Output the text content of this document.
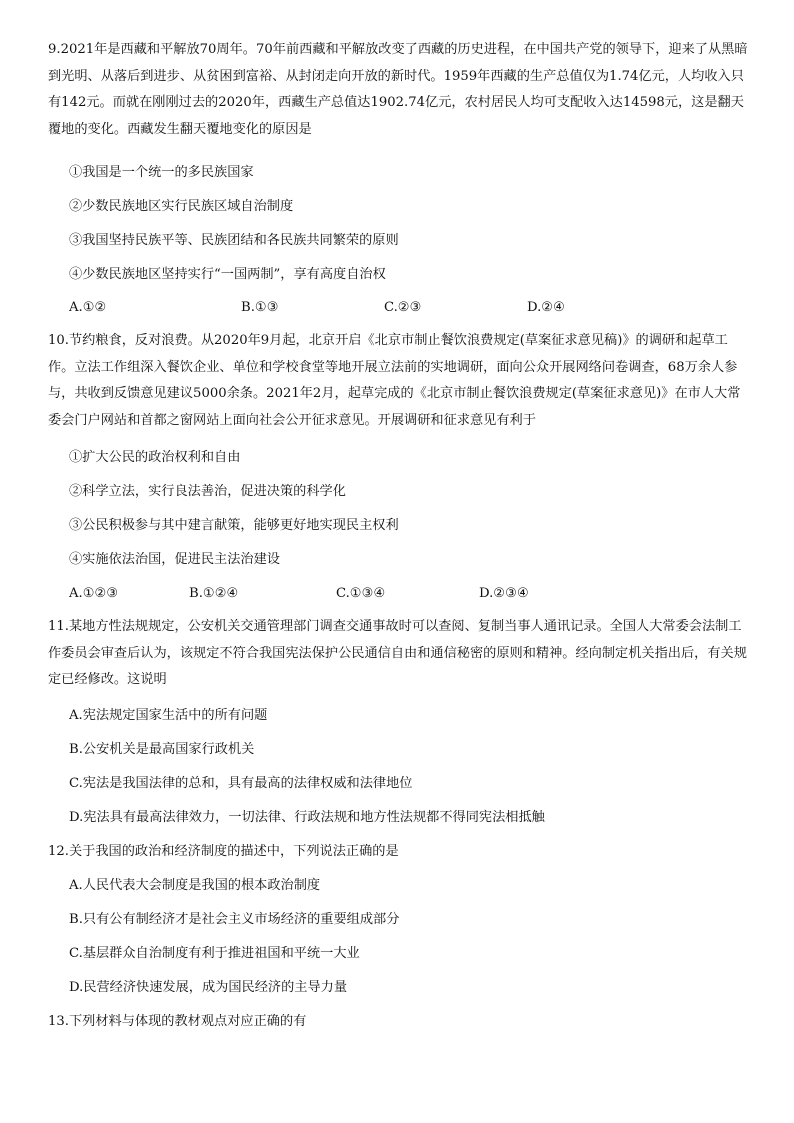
9.2021年是西藏和平解放70周年。70年前西藏和平解放改变了西藏的历史进程，在中国共产党的领导下，迎来了从黑暗到光明、从落后到进步、从贫困到富裕、从封闭走向开放的新时代。1959年西藏的生产总值仅为1.74亿元，人均收入只有142元。而就在刚刚过去的2020年，西藏生产总值达1902.74亿元，农村居民人均可支配收入达14598元，这是翻天覆地的变化。西藏发生翻天覆地变化的原因是

①我国是一个统一的多民族国家

②少数民族地区实行民族区域自治制度

③我国坚持民族平等、民族团结和各民族共同繁荣的原则

④少数民族地区坚持实行“一国两制”，享有高度自治权

A.①②	B.①③	C.②③	D.②④

10.节约粮食，反对浪费。从2020年9月起，北京开启《北京市制止餐饮浪费规定(草案征求意见稿)》的调研和起草工作。立法工作组深入餐饮企业、单位和学校食堂等地开展立法前的实地调研，面向公众开展网络问卷调查，68万余人参与，共收到反馈意见建议5000余条。2021年2月，起草完成的《北京市制止餐饮浪费规定(草案征求意见)》在市人大常委会门户网站和首都之窗网站上面向社会公开征求意见。开展调研和征求意见有利于

①扩大公民的政治权利和自由

②科学立法，实行良法善治，促进决策的科学化

③公民积极参与其中建言献策，能够更好地实现民主权利

④实施依法治国，促进民主法治建设

A.①②③	B.①②④	C.①③④	D.②③④

11.某地方性法规规定，公安机关交通管理部门调查交通事故时可以查阅、复制当事人通讯记录。全国人大常委会法制工作委员会审查后认为，该规定不符合我国宪法保护公民通信自由和通信秘密的原则和精神。经向制定机关指出后，有关规定已经修改。这说明

A.宪法规定国家生活中的所有问题

B.公安机关是最高国家行政机关

C.宪法是我国法律的总和，具有最高的法律权威和法律地位

D.宪法具有最高法律效力，一切法律、行政法规和地方性法规都不得同宪法相抵触

12.关于我国的政治和经济制度的描述中，下列说法正确的是

A.人民代表大会制度是我国的根本政治制度

B.只有公有制经济才是社会主义市场经济的重要组成部分

C.基层群众自治制度有利于推进祖国和平统一大业

D.民营经济快速发展，成为国民经济的主导力量

13.下列材料与体现的教材观点对应正确的有
